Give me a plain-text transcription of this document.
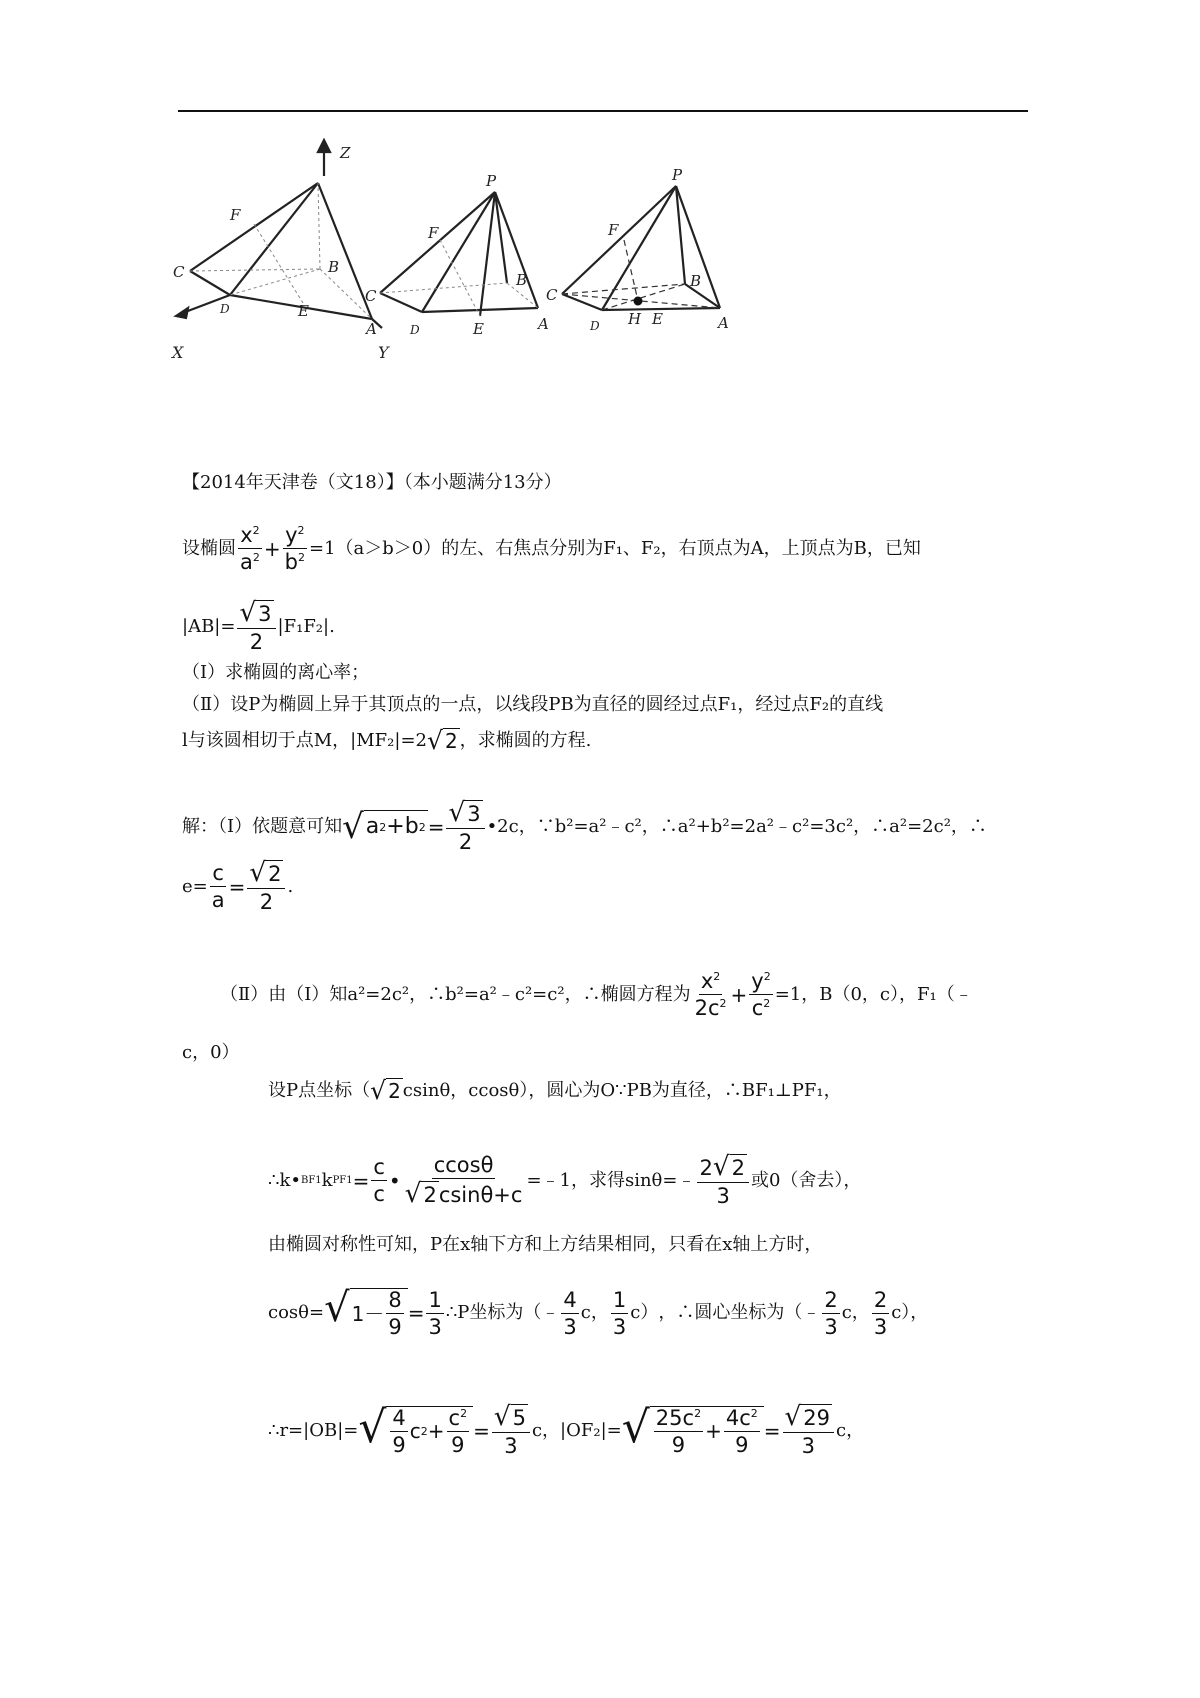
Z
F
C	B
D	E
A
X	Y
P
F
C
B
D	E	A
P
F
C
B
D H E	A
【2014年天津卷（文18）】（本小题满分13分）
设椭圆 $\frac{x^2}{a^2} + \frac{y^2}{b^2} =1(a>b>0)$的左、右焦点分别为F₁、F₂，右顶点为A，上顶点为B，已知
$|AB|= \frac{√ 3}{2} |F_1F_2|$.
（Ⅰ）求椭圆的离心率；
（Ⅱ）设P为椭圆上异于其顶点的一点，以线段PB为直径的圆经过点F₁，经过点F₂的直线
l与该圆相切于点M，|MF₂|=2 √ 2 ，求椭圆的方程.
解：（Ⅰ）依题意可知 √ a 2 +b $2 = \frac{√ 3}{2}$ •2c，∵b²=a²﹣c²，∴a²+b²=2a²﹣c²=3c²，∴a²=2c²，∴
$e= \frac{c}{a} = \frac{√ 2}{2}$ .
（Ⅱ）由（Ⅰ）知a²=2c²，∴b²=a²﹣c²=c²，∴椭圆方程为 $\frac{x^2}{2c^2} + \frac{y^2}{c^2} =1$，B（0，c），F₁（﹣
c，0）
设P点坐标（ √ 2 csinθ，ccosθ），圆心为O∵PB为直径，∴BF₁⊥PF₁，
∴k• BF1 k $PF1 = \frac{c}{c}$ • $\frac{ccos\theta}{√ 2 csin\theta+c}$ =﹣1，求得sinθ=﹣ $\frac{2 √ 2}{3}$ 或0（舍去），
由椭圆对称性可知，P在x轴下方和上方结果相同，只看在x轴上方时，
cosθ= √ $1- \frac{8}{9} = \frac{1}{3}$ ∴P坐标为（﹣ $\frac{4}{3}$ c， $\frac{1}{3} c$） ，∴圆心坐标为（﹣ $\frac{2}{3}$ c， $\frac{2}{3}$ c ），
∴r=|OB|= √ $\frac{4}{9}$ c $2 + \frac{c^2}{9} = \frac{√ 5}{3}$ c ，|OF₂|= √ $\frac{25c^2}{9} + \frac{4c^2}{9} = \frac{√ 29}{3}$ c ，
